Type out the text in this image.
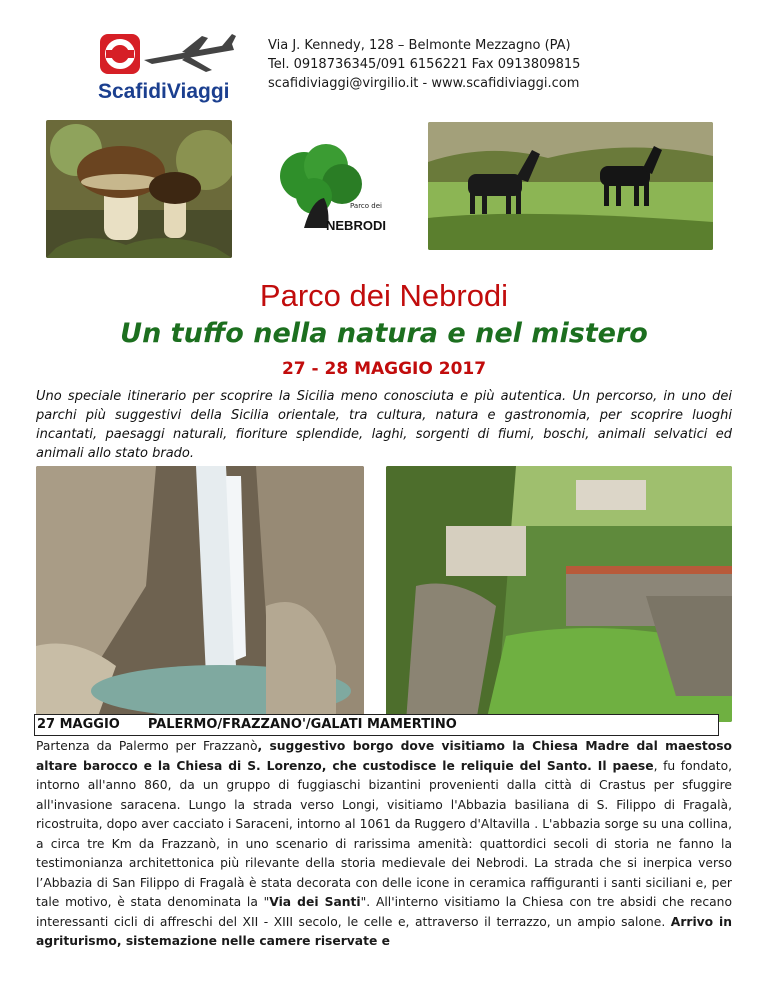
ScafidiViaggi
Via J. Kennedy, 128 – Belmonte Mezzagno (PA)
Tel. 0918736345/091 6156221 Fax 0913809815
scafidiviaggi@virgilio.it - www.scafidiviaggi.com
Parco dei
NEBRODI
Parco dei Nebrodi
Un tuffo nella natura e nel mistero
27 - 28 MAGGIO 2017
Uno speciale itinerario per scoprire la Sicilia meno conosciuta e più autentica. Un percorso, in uno dei parchi più suggestivi della Sicilia orientale, tra cultura, natura e gastronomia, per scoprire luoghi incantati, paesaggi naturali, fioriture splendide, laghi, sorgenti di fiumi, boschi, animali selvatici ed animali allo stato brado.
27 MAGGIO PALERMO/FRAZZANO'/GALATI MAMERTINO
Partenza da Palermo per Frazzanò, suggestivo borgo dove visitiamo la Chiesa Madre dal maestoso altare barocco e la Chiesa di S. Lorenzo, che custodisce le reliquie del Santo. Il paese, fu fondato, intorno all'anno 860, da un gruppo di fuggiaschi bizantini provenienti dalla città di Crastus per sfuggire all'invasione saracena. Lungo la strada verso Longi, visitiamo l'Abbazia basiliana di S. Filippo di Fragalà, ricostruita, dopo aver cacciato i Saraceni, intorno al 1061 da Ruggero d'Altavilla . L'abbazia sorge su una collina, a circa tre Km da Frazzanò, in uno scenario di rarissima amenità: quattordici secoli di storia ne fanno la testimonianza architettonica più rilevante della storia medievale dei Nebrodi. La strada che si inerpica verso l’Abbazia di San Filippo di Fragalà è stata decorata con delle icone in ceramica raffiguranti i santi siciliani e, per tale motivo, è stata denominata la "Via dei Santi". All'interno visitiamo la Chiesa con tre absidi che recano interessanti cicli di affreschi del XII - XIII secolo, le celle e, attraverso il terrazzo, un ampio salone. Arrivo in agriturismo, sistemazione nelle camere riservate e
